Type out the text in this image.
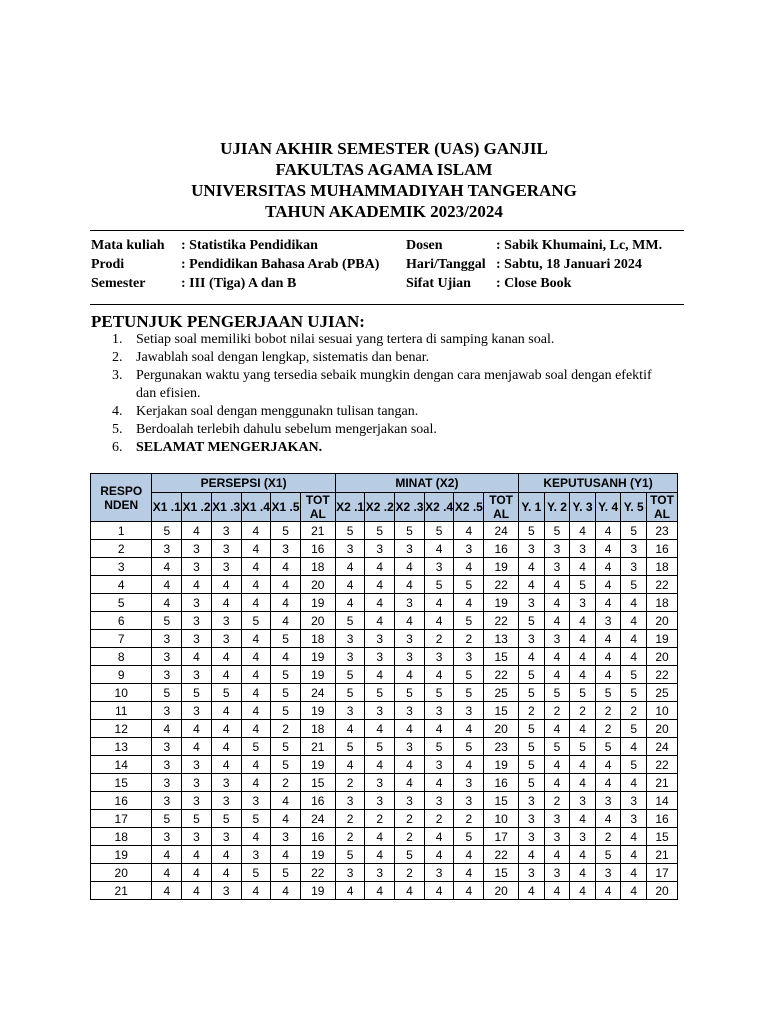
UJIAN AKHIR SEMESTER (UAS) GANJIL
FAKULTAS AGAMA ISLAM
UNIVERSITAS MUHAMMADIYAH TANGERANG
TAHUN AKADEMIK 2023/2024
Mata kuliah : Statistika Pendidikan	Dosen	: Sabik Khumaini, Lc, MM.
Prodi	: Pendidikan Bahasa Arab (PBA) Hari/Tanggal : Sabtu, 18 Januari 2024
Semester	: III (Tiga) A dan B	Sifat Ujian : Close Book
PETUNJUK PENGERJAAN UJIAN:
1. Setiap soal memiliki bobot nilai sesuai yang tertera di samping kanan soal.
2. Jawablah soal dengan lengkap, sistematis dan benar.
3. Pergunakan waktu yang tersedia sebaik mungkin dengan cara menjawab soal dengan efektif dan efisien.
4. Kerjakan soal dengan menggunakn tulisan tangan.
5. Berdoalah terlebih dahulu sebelum mengerjakan soal.
6. SELAMAT MENGERJAKAN.
RESPO NDEN	PERSEPSI (X1)						MINAT (X2)						KEPUTUSANH (Y1)					
	X1 .1	X1 .2	X1 .3	X1 .4	X1 .5	TOT AL	X2 .1	X2 .2	X2 .3	X2 .4	X2 .5	TOT AL	Y. 1	Y. 2	Y. 3	Y. 4	Y. 5	TOT AL
1	5	4	3	4	5	21	5	5	5	5	4	24	5	5	4	4	5	23
2	3	3	3	4	3	16	3	3	3	4	3	16	3	3	3	4	3	16
3	4	3	3	4	4	18	4	4	4	3	4	19	4	3	4	4	3	18
4	4	4	4	4	4	20	4	4	4	5	5	22	4	4	5	4	5	22
5	4	3	4	4	4	19	4	4	3	4	4	19	3	4	3	4	4	18
6	5	3	3	5	4	20	5	4	4	4	5	22	5	4	4	3	4	20
7	3	3	3	4	5	18	3	3	3	2	2	13	3	3	4	4	4	19
8	3	4	4	4	4	19	3	3	3	3	3	15	4	4	4	4	4	20
9	3	3	4	4	5	19	5	4	4	4	5	22	5	4	4	4	5	22
10	5	5	5	4	5	24	5	5	5	5	5	25	5	5	5	5	5	25
11	3	3	4	4	5	19	3	3	3	3	3	15	2	2	2	2	2	10
12	4	4	4	4	2	18	4	4	4	4	4	20	5	4	4	2	5	20
13	3	4	4	5	5	21	5	5	3	5	5	23	5	5	5	5	4	24
14	3	3	4	4	5	19	4	4	4	3	4	19	5	4	4	4	5	22
15	3	3	3	4	2	15	2	3	4	4	3	16	5	4	4	4	4	21
16	3	3	3	3	4	16	3	3	3	3	3	15	3	2	3	3	3	14
17	5	5	5	5	4	24	2	2	2	2	2	10	3	3	4	4	3	16
18	3	3	3	4	3	16	2	4	2	4	5	17	3	3	3	2	4	15
19	4	4	4	3	4	19	5	4	5	4	4	22	4	4	4	5	4	21
20	4	4	4	5	5	22	3	3	2	3	4	15	3	3	4	3	4	17
21	4	4	3	4	4	19	4	4	4	4	4	20	4	4	4	4	4	20
